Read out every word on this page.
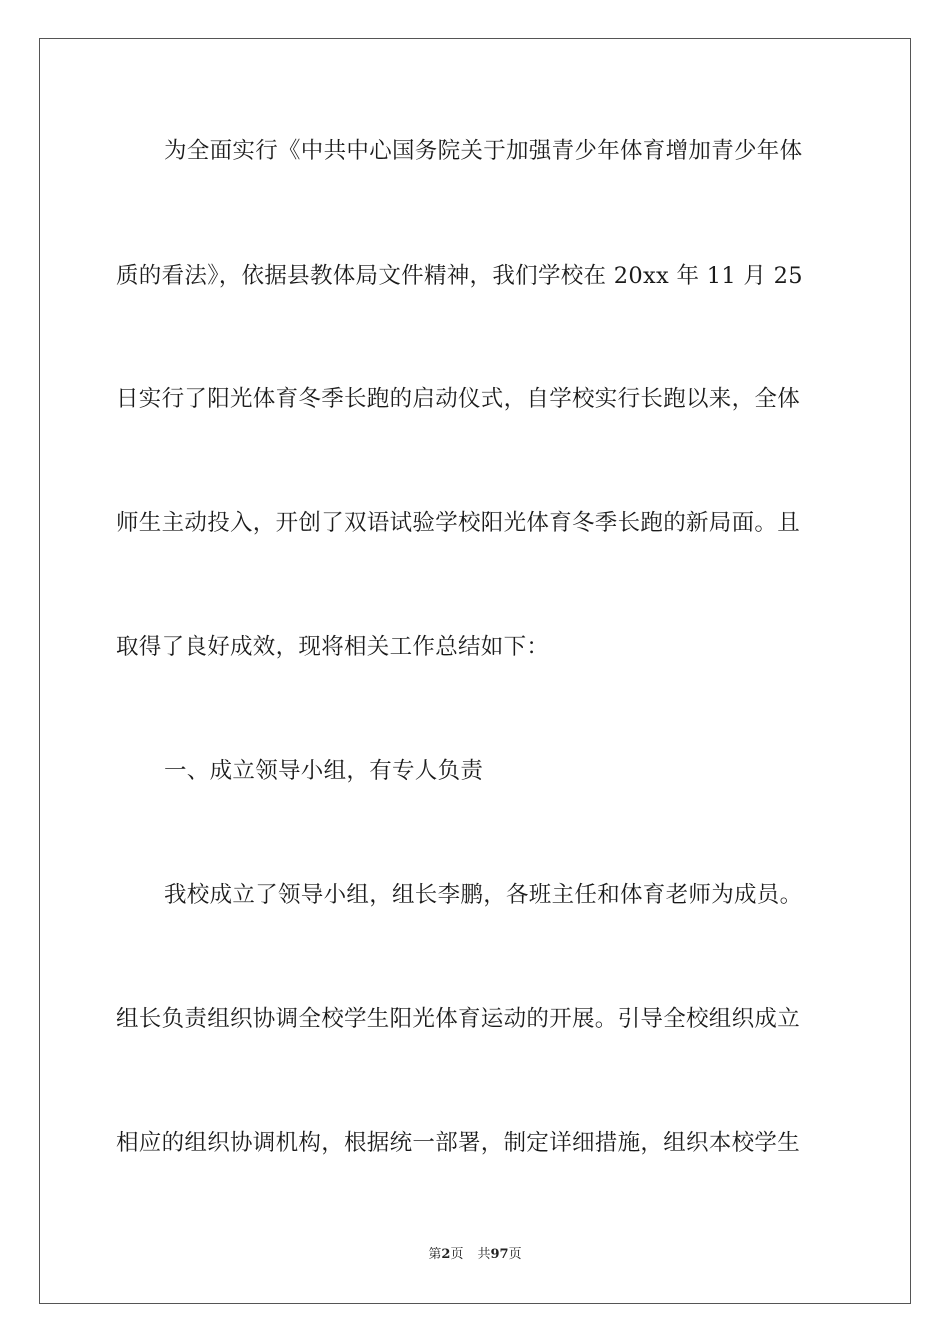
为全面实行《中共中心国务院关于加强青少年体育增加青少年体
质的看法》，依据县教体局文件精神，我们学校在 20xx 年 11 月 25
日实行了阳光体育冬季长跑的启动仪式，自学校实行长跑以来，全体
师生主动投入，开创了双语试验学校阳光体育冬季长跑的新局面。且
取得了良好成效，现将相关工作总结如下：
一、成立领导小组，有专人负责
我校成立了领导小组，组长李鹏，各班主任和体育老师为成员。
组长负责组织协调全校学生阳光体育运动的开展。引导全校组织成立
相应的组织协调机构，根据统一部署，制定详细措施，组织本校学生
第2页 共97页
